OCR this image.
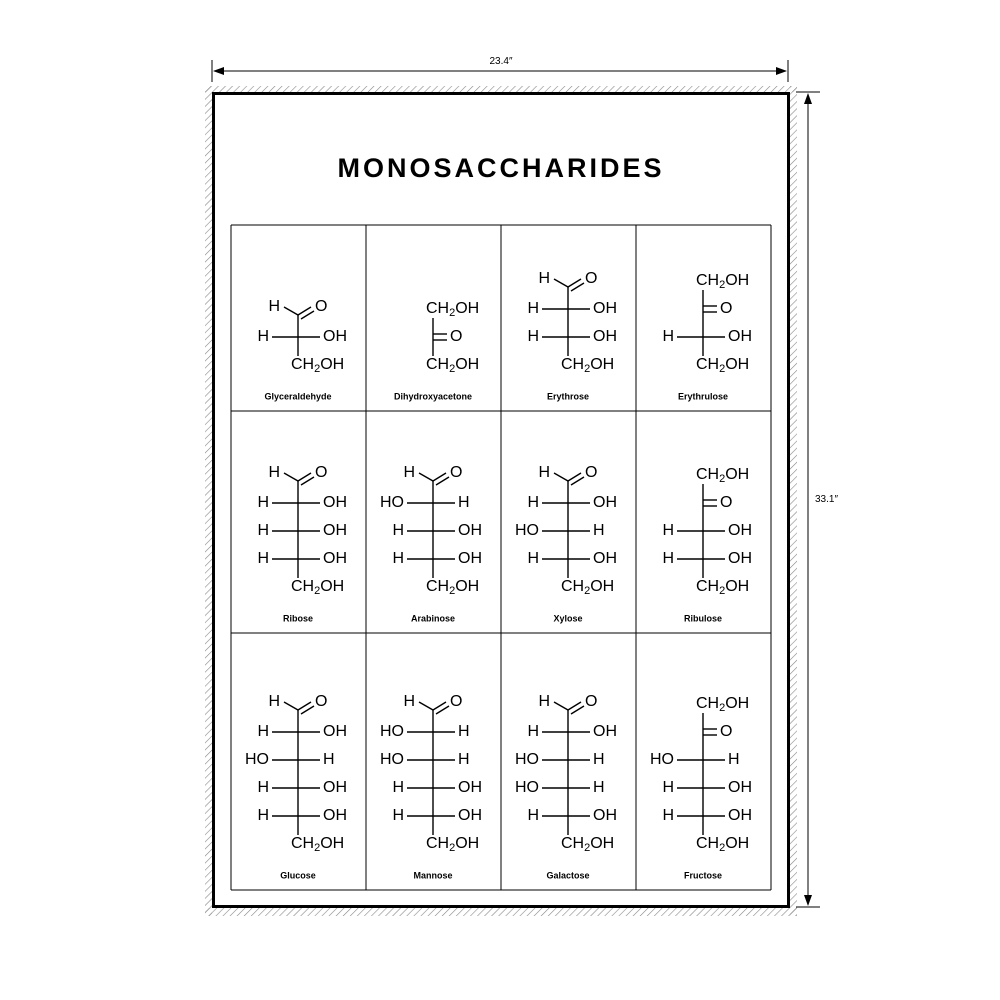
23.4″
33.1″
MONOSACCHARIDES
H O
H	OH
$CH_2OH$
Glyceraldehyde
$CH_2OH$
O
$CH_2OH$
Dihydroxyacetone
H O
H	OH
H	OH
$CH_2OH$
Erythrose
$CH_2OH$
O
H	OH
$CH_2OH$
Erythrulose
H O
H	OH
H	OH
H	OH
$CH_2OH$
Ribose
H O
HO	H
H	OH
H	OH
$CH_2OH$
Arabinose
H O
H	OH
HO	H
H	OH
$CH_2OH$
Xylose
$CH_2OH$
O
H	OH
H	OH
$CH_2OH$
Ribulose
H O
H	OH
HO	H
H	OH
H	OH
$CH_2OH$
Glucose
H O
HO	H
HO	H
H	OH
H	OH
$CH_2OH$
Mannose
H O
H	OH
HO	H
HO	H
H	OH
$CH_2OH$
Galactose
$CH_2OH$
O
HO	H
H	OH
H	OH
$CH_2OH$
Fructose
